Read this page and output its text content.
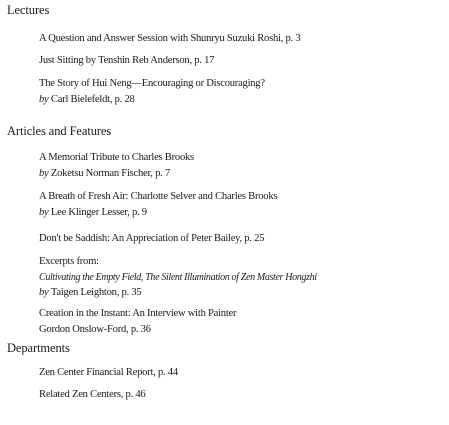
Lectures
A Question and Answer Session with Shunryu Suzuki Roshi, p. 3
Just Sitting by Tenshin Reb Anderson, p. 17
The Story of Hui Neng—Encouraging or Discouraging?
by Carl Bielefeldt, p. 28
Articles and Features
A Memorial Tribute to Charles Brooks
by Zoketsu Norman Fischer, p. 7
A Breath of Fresh Air: Charlotte Selver and Charles Brooks
by Lee Klinger Lesser, p. 9
Don't be Saddish: An Appreciation of Peter Bailey, p. 25
Excerpts from:
Cultivating the Empty Field, The Silent Illumination of Zen Master Hongzhi
by Taigen Leighton, p. 35
Creation in the Instant: An Interview with Painter
Gordon Onslow-Ford, p. 36
Departments
Zen Center Financial Report, p. 44
Related Zen Centers, p. 46
